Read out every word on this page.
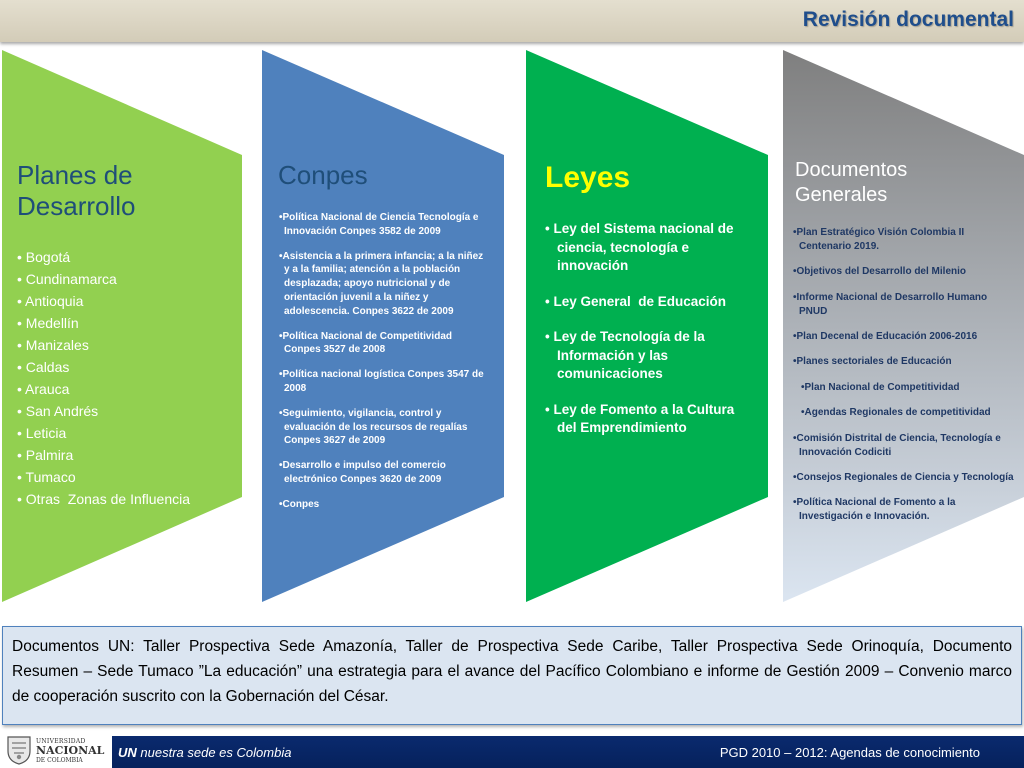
Revisión documental
Planes de Desarrollo
• Bogotá
• Cundinamarca
• Antioquia
• Medellín
• Manizales
• Caldas
• Arauca
• San Andrés
• Leticia
• Palmira
• Tumaco
• Otras  Zonas de Influencia
Conpes
•Política Nacional de Ciencia Tecnología e Innovación Conpes 3582 de 2009
•Asistencia a la primera infancia; a la niñez y a la familia; atención a la población desplazada; apoyo nutricional y de orientación juvenil a la niñez y adolescencia. Conpes 3622 de 2009
•Política Nacional de Competitividad Conpes 3527 de 2008
•Política nacional logística Conpes 3547 de 2008
•Seguimiento, vigilancia, control y evaluación de los recursos de regalías Conpes 3627 de 2009
•Desarrollo e impulso del comercio electrónico Conpes 3620 de 2009
•Conpes
Leyes
• Ley del Sistema nacional de ciencia, tecnología e innovación
• Ley General  de Educación
• Ley de Tecnología de la Información y las comunicaciones
• Ley de Fomento a la Cultura del Emprendimiento
Documentos Generales
•Plan Estratégico Visión Colombia II Centenario 2019.
•Objetivos del Desarrollo del Milenio
•Informe Nacional de Desarrollo Humano PNUD
•Plan Decenal de Educación 2006-2016
•Planes sectoriales de Educación
•Plan Nacional de Competitividad
•Agendas Regionales de competitividad
•Comisión Distrital de Ciencia, Tecnología e Innovación Codiciti
•Consejos Regionales de Ciencia y Tecnología
•Política Nacional de Fomento a la Investigación e Innovación.
Documentos UN: Taller Prospectiva Sede Amazonía, Taller de Prospectiva Sede Caribe, Taller Prospectiva Sede Orinoquía, Documento Resumen – Sede Tumaco ”La educación” una estrategia para el avance del Pacífico Colombiano e informe de Gestión 2009 – Convenio marco de cooperación suscrito con la Gobernación del César.
UNIVERSIDAD
NACIONAL
DE COLOMBIA
UN nuestra sede es Colombia	PGD 2010 – 2012: Agendas de conocimiento
